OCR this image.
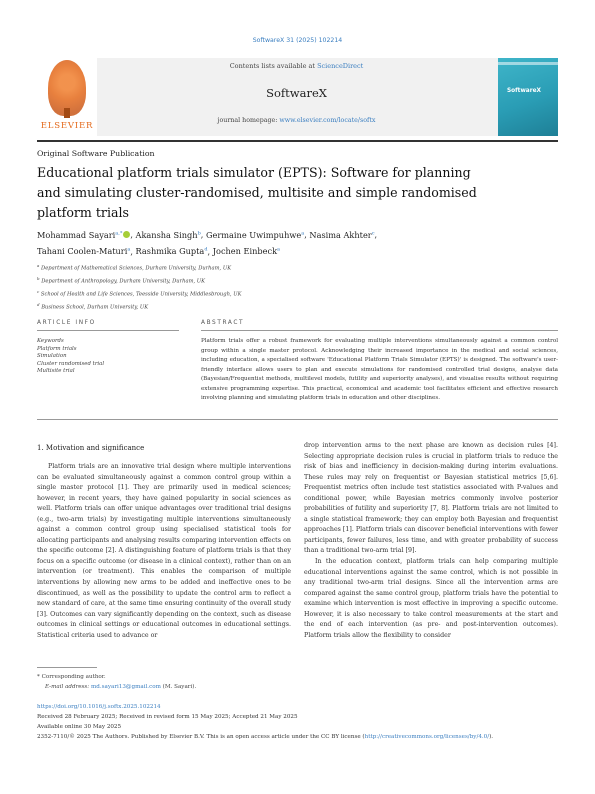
SoftwareX 31 (2025) 102214
ELSEVIER
Contents lists available at ScienceDirect
SoftwareX
journal homepage: www.elsevier.com/locate/softx
SoftwareX
Original Software Publication
Educational platform trials simulator (EPTS): Software for planning and simulating cluster-randomised, multisite and simple randomised platform trials
Mohammad Sayari$^{a,*}$ , Akansha Singh$^b$, Germaine Uwimpuhwe$^a$, Nasima Akhter$^c$,
Tahani Coolen-Maturi$^a$, Rashmika Gupta$^d$, Jochen Einbeck$^a$
$^a$ Department of Mathematical Sciences, Durham University, Durham, UK
$^b$ Department of Anthropology, Durham University, Durham, UK
$^c$ School of Health and Life Sciences, Teesside University, Middlesbrough, UK
$^d$ Business School, Durham University, UK
ARTICLE INFO	ABSTRACT
Keywords
Platform trials
Simulation
Cluster randomised trial
Multisite trial
Platform trials offer a robust framework for evaluating multiple interventions simultaneously against a common control group within a single master protocol. Acknowledging their increased importance in the medical and social sciences, including education, a specialised software 'Educational Platform Trials Simulator (EPTS)' is designed. The software's user-friendly interface allows users to plan and execute simulations for randomised controlled trial designs, analyse data (Bayesian/Frequentist methods, multilevel models, futility and superiority analyses), and visualise results without requiring extensive programming expertise. This practical, economical and academic tool facilitates efficient and effective research involving planning and simulating platform trials in education and other disciplines.
1. Motivation and significance

Platform trials are an innovative trial design where multiple interventions can be evaluated simultaneously against a common control group within a single master protocol [1]. They are primarily used in medical sciences; however, in recent years, they have gained popularity in social sciences as well. Platform trials can offer unique advantages over traditional trial designs (e.g., two-arm trials) by investigating multiple interventions simultaneously against a common control group using specialised statistical tools for allocating participants and analysing results comparing intervention effects on the specific outcome [2]. A distinguishing feature of platform trials is that they focus on a specific outcome (or disease in a clinical context), rather than on an intervention (or treatment). This enables the comparison of multiple interventions by allowing new arms to be added and ineffective ones to be discontinued, as well as the possibility to update the control arm to reflect a new standard of care, at the same time ensuring continuity of the overall study [3]. Outcomes can vary significantly depending on the context, such as disease outcomes in clinical settings or educational outcomes in educational settings. Statistical criteria used to advance or

drop intervention arms to the next phase are known as decision rules [4]. Selecting appropriate decision rules is crucial in platform trials to reduce the risk of bias and inefficiency in decision-making during interim evaluations. These rules may rely on frequentist or Bayesian statistical metrics [5,6]. Frequentist metrics often include test statistics associated with P-values and conditional power, while Bayesian metrics commonly involve posterior probabilities of futility and superiority [7, 8]. Platform trials are not limited to a single statistical framework; they can employ both Bayesian and frequentist approaches [1]. Platform trials can discover beneficial interventions with fewer participants, fewer failures, less time, and with greater probability of success than a traditional two-arm trial [9].

In the education context, platform trials can help comparing multiple educational interventions against the same control, which is not possible in any traditional two-arm trial designs. Since all the intervention arms are compared against the same control group, platform trials have the potential to examine which intervention is most effective in improving a specific outcome. However, it is also necessary to take control measurements at the start and the end of each intervention (as pre- and post-intervention outcomes). Platform trials allow the flexibility to consider

* Corresponding author.
E-mail address: md.sayari13@gmail.com (M. Sayari).
https://doi.org/10.1016/j.softx.2025.102214
Received 28 February 2025; Received in revised form 15 May 2025; Accepted 21 May 2025
Available online 30 May 2025
2352-7110/© 2025 The Authors. Published by Elsevier B.V. This is an open access article under the CC BY license (http://creativecommons.org/licenses/by/4.0/).
